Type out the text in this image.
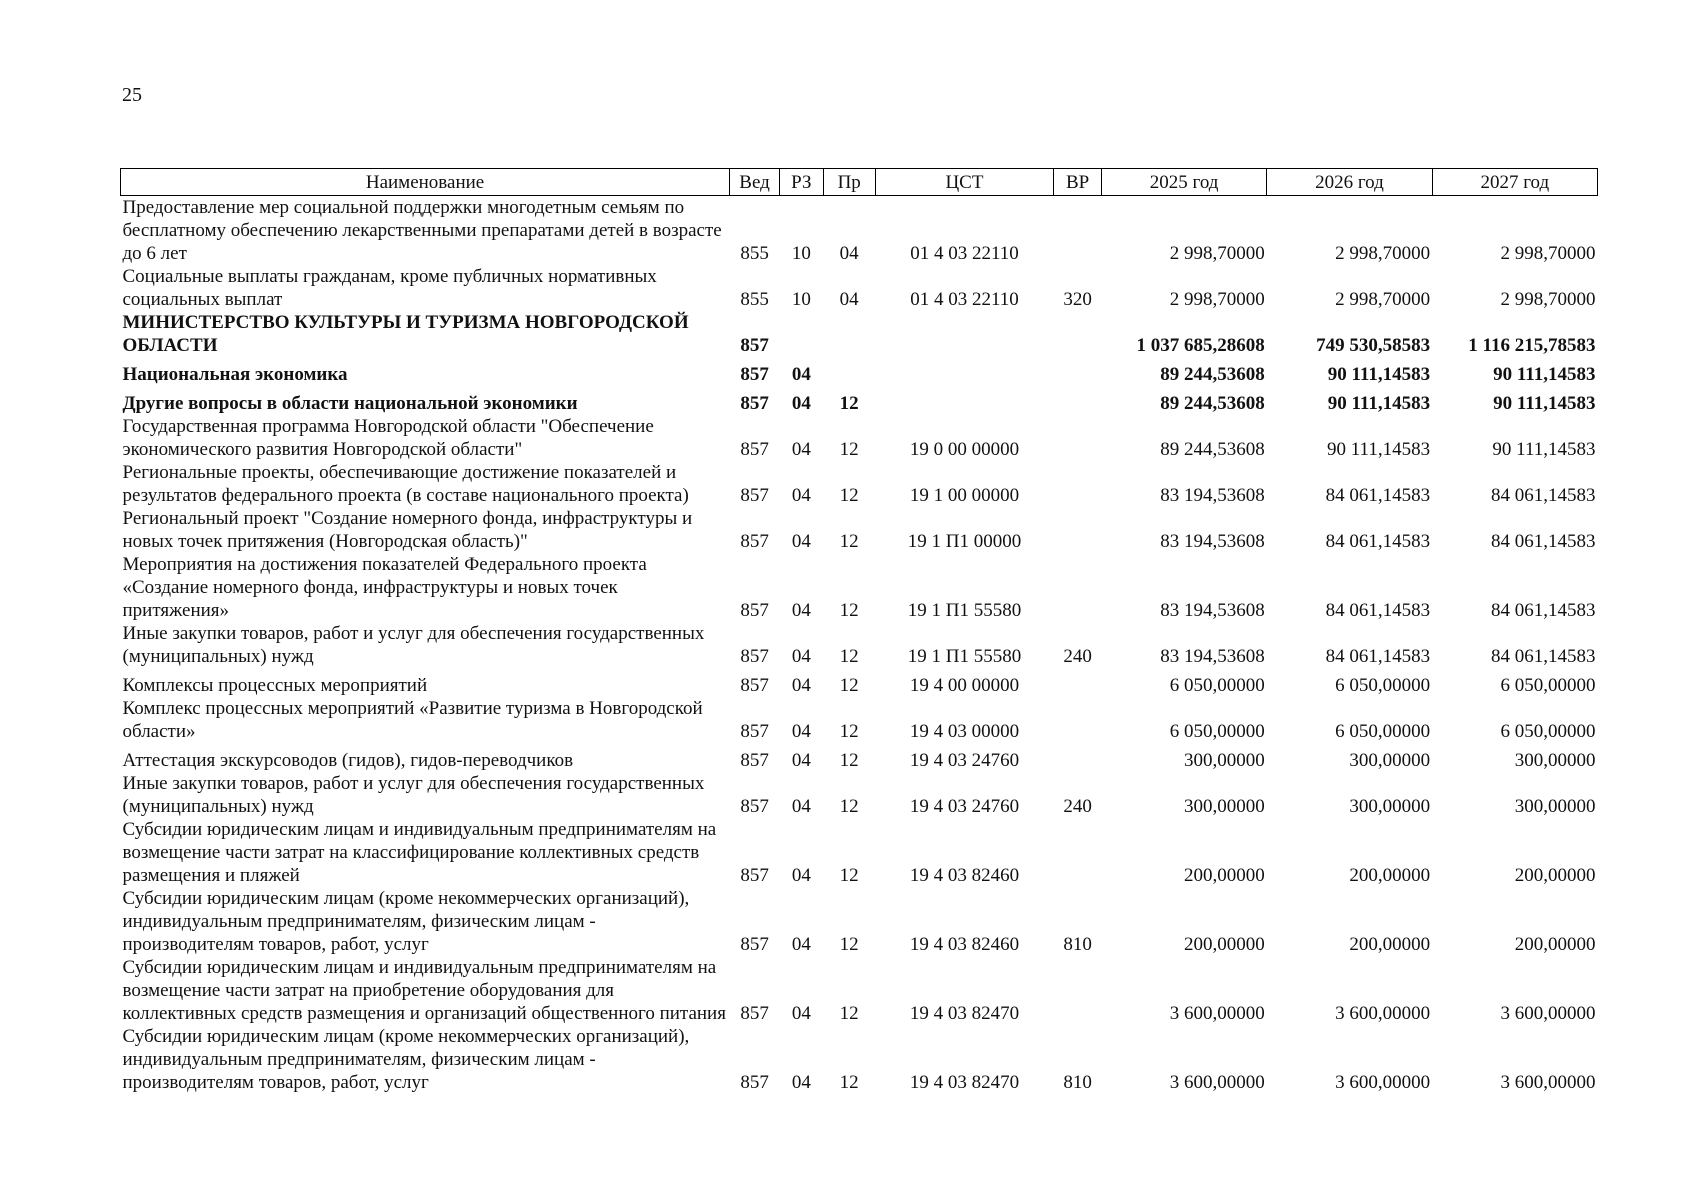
25
Наименование	Вед	РЗ	Пр	ЦСТ	ВР	2025 год	2026 год	2027 год
Предоставление мер социальной поддержки многодетным семьям по бесплатному обеспечению лекарственными препаратами детей в возрасте до 6 лет	855	10	04	01 4 03 22110		2 998,70000	2 998,70000	2 998,70000
Социальные выплаты гражданам, кроме публичных нормативных социальных выплат	855	10	04	01 4 03 22110	320	2 998,70000	2 998,70000	2 998,70000
МИНИСТЕРСТВО КУЛЬТУРЫ И ТУРИЗМА НОВГОРОДСКОЙ ОБЛАСТИ	857					1 037 685,28608	749 530,58583	1 116 215,78583
Национальная экономика	857	04				89 244,53608	90 111,14583	90 111,14583
Другие вопросы в области национальной экономики	857	04	12			89 244,53608	90 111,14583	90 111,14583
Государственная программа Новгородской области "Обеспечение экономического развития Новгородской области"	857	04	12	19 0 00 00000		89 244,53608	90 111,14583	90 111,14583
Региональные проекты, обеспечивающие достижение показателей и результатов федерального проекта (в составе национального проекта)	857	04	12	19 1 00 00000		83 194,53608	84 061,14583	84 061,14583
Региональный проект "Создание номерного фонда, инфраструктуры и новых точек притяжения (Новгородская область)"	857	04	12	19 1 П1 00000		83 194,53608	84 061,14583	84 061,14583
Мероприятия на достижения показателей Федерального проекта «Создание номерного фонда, инфраструктуры и новых точек притяжения»	857	04	12	19 1 П1 55580		83 194,53608	84 061,14583	84 061,14583
Иные закупки товаров, работ и услуг для обеспечения государственных (муниципальных) нужд	857	04	12	19 1 П1 55580	240	83 194,53608	84 061,14583	84 061,14583
Комплексы процессных мероприятий	857	04	12	19 4 00 00000		6 050,00000	6 050,00000	6 050,00000
Комплекс процессных мероприятий «Развитие туризма в Новгородской области»	857	04	12	19 4 03 00000		6 050,00000	6 050,00000	6 050,00000
Аттестация экскурсоводов (гидов), гидов-переводчиков	857	04	12	19 4 03 24760		300,00000	300,00000	300,00000
Иные закупки товаров, работ и услуг для обеспечения государственных (муниципальных) нужд	857	04	12	19 4 03 24760	240	300,00000	300,00000	300,00000
Субсидии юридическим лицам и индивидуальным предпринимателям на возмещение части затрат на классифицирование коллективных средств размещения и пляжей	857	04	12	19 4 03 82460		200,00000	200,00000	200,00000
Субсидии юридическим лицам (кроме некоммерческих организаций), индивидуальным предпринимателям, физическим лицам - производителям товаров, работ, услуг	857	04	12	19 4 03 82460	810	200,00000	200,00000	200,00000
Субсидии юридическим лицам и индивидуальным предпринимателям на возмещение части затрат на приобретение оборудования для коллективных средств размещения и организаций общественного питания	857	04	12	19 4 03 82470		3 600,00000	3 600,00000	3 600,00000
Субсидии юридическим лицам (кроме некоммерческих организаций), индивидуальным предпринимателям, физическим лицам - производителям товаров, работ, услуг	857	04	12	19 4 03 82470	810	3 600,00000	3 600,00000	3 600,00000
